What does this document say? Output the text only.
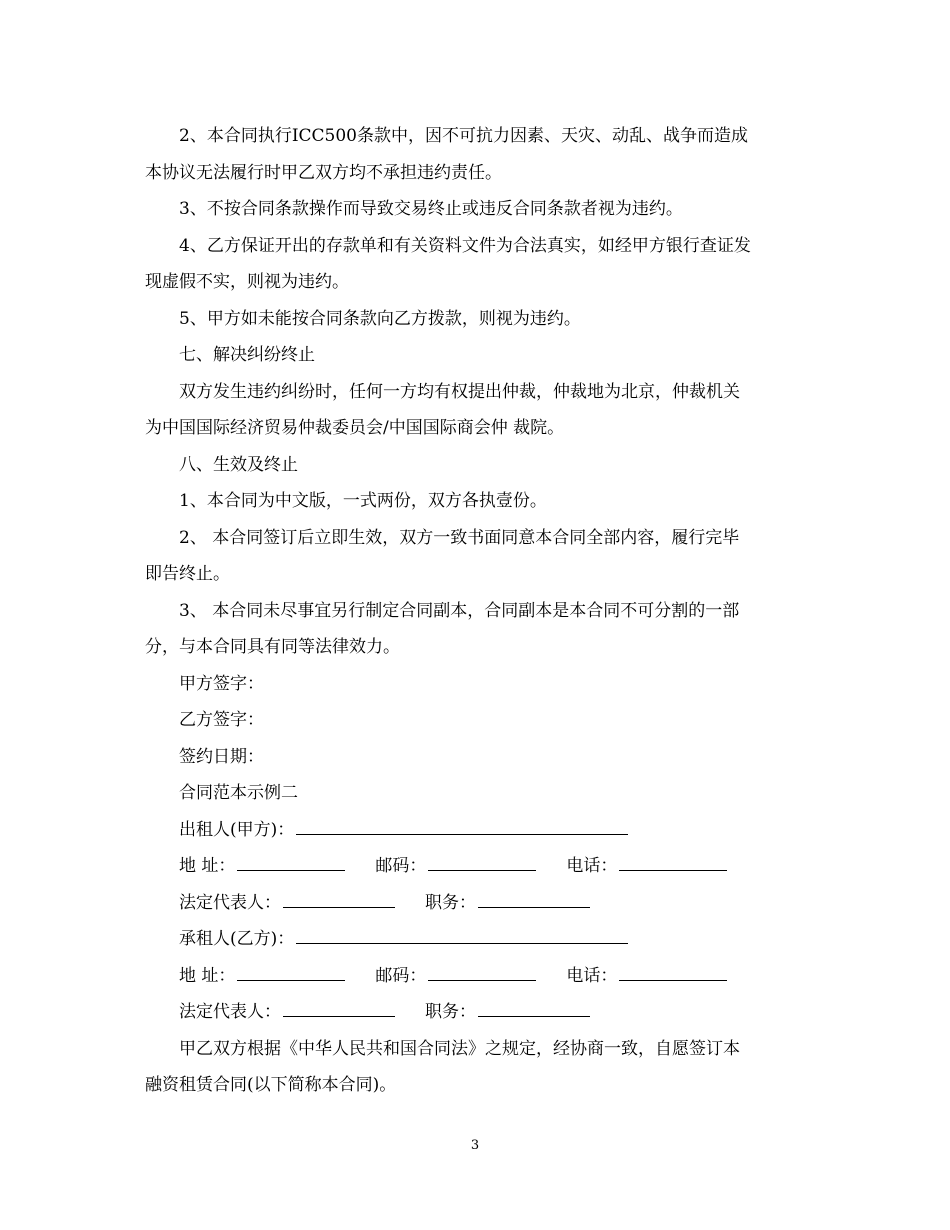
2、本合同执行ICC500条款中，因不可抗力因素、天灾、动乱、战争而造成

本协议无法履行时甲乙双方均不承担违约责任。

3、不按合同条款操作而导致交易终止或违反合同条款者视为违约。

4、乙方保证开出的存款单和有关资料文件为合法真实，如经甲方银行查证发

现虚假不实，则视为违约。

5、甲方如未能按合同条款向乙方拨款，则视为违约。

七、解决纠纷终止

双方发生违约纠纷时，任何一方均有权提出仲裁，仲裁地为北京，仲裁机关

为中国国际经济贸易仲裁委员会/中国国际商会仲 裁院。

八、生效及终止

1、本合同为中文版，一式两份，双方各执壹份。

2、 本合同签订后立即生效，双方一致书面同意本合同全部内容，履行完毕

即告终止。

3、 本合同未尽事宜另行制定合同副本，合同副本是本合同不可分割的一部

分，与本合同具有同等法律效力。

甲方签字：

乙方签字：

签约日期：

合同范本示例二

出租人(甲方)：
地 址：	邮码：	电话：
法定代表人：	职务：
承租人(乙方)：
地 址：	邮码：	电话：
法定代表人：	职务：

甲乙双方根据《中华人民共和国合同法》之规定，经协商一致，自愿签订本

融资租赁合同(以下简称本合同)。

3
